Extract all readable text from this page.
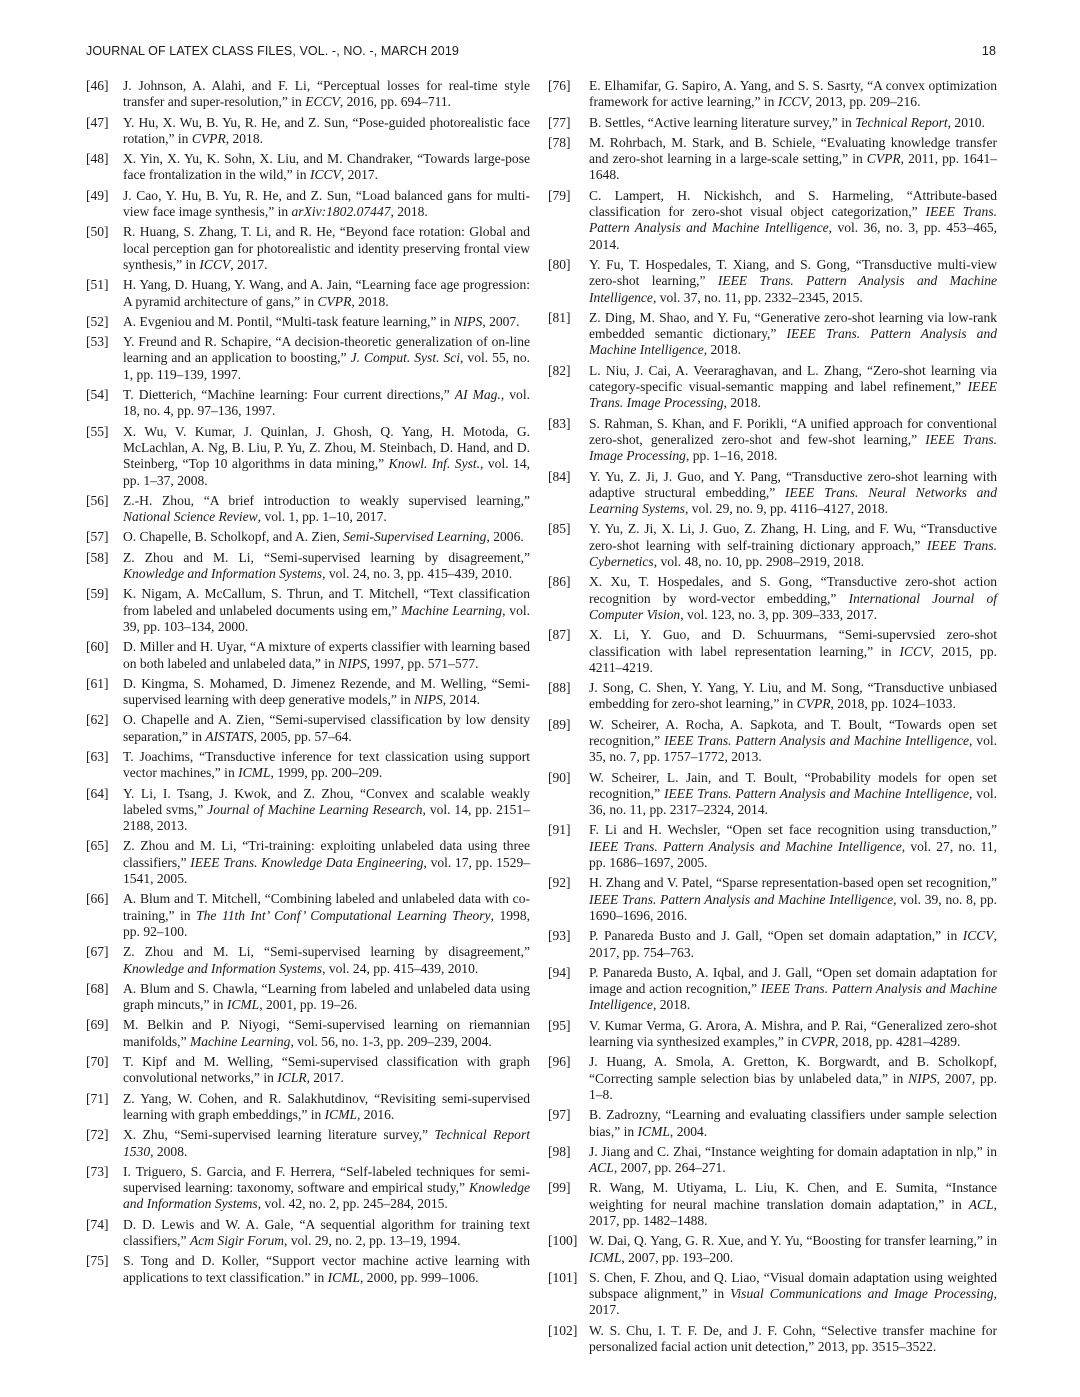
JOURNAL OF LATEX CLASS FILES, VOL. -, NO. -, MARCH 2019	18
[46] J. Johnson, A. Alahi, and F. Li, “Perceptual losses for real-time style transfer and super-resolution,” in ECCV, 2016, pp. 694–711.
[47] Y. Hu, X. Wu, B. Yu, R. He, and Z. Sun, “Pose-guided photorealistic face rotation,” in CVPR, 2018.
[48] X. Yin, X. Yu, K. Sohn, X. Liu, and M. Chandraker, “Towards large-pose face frontalization in the wild,” in ICCV, 2017.
[49] J. Cao, Y. Hu, B. Yu, R. He, and Z. Sun, “Load balanced gans for multi-view face image synthesis,” in arXiv:1802.07447, 2018.
[50] R. Huang, S. Zhang, T. Li, and R. He, “Beyond face rotation: Global and local perception gan for photorealistic and identity preserving frontal view synthesis,” in ICCV, 2017.
[51] H. Yang, D. Huang, Y. Wang, and A. Jain, “Learning face age progression: A pyramid architecture of gans,” in CVPR, 2018.
[52] A. Evgeniou and M. Pontil, “Multi-task feature learning,” in NIPS, 2007.
[53] Y. Freund and R. Schapire, “A decision-theoretic generalization of on-line learning and an application to boosting,” J. Comput. Syst. Sci, vol. 55, no. 1, pp. 119–139, 1997.
[54] T. Dietterich, “Machine learning: Four current directions,” AI Mag., vol. 18, no. 4, pp. 97–136, 1997.
[55] X. Wu, V. Kumar, J. Quinlan, J. Ghosh, Q. Yang, H. Motoda, G. McLachlan, A. Ng, B. Liu, P. Yu, Z. Zhou, M. Steinbach, D. Hand, and D. Steinberg, “Top 10 algorithms in data mining,” Knowl. Inf. Syst., vol. 14, pp. 1–37, 2008.
[56] Z.-H. Zhou, “A brief introduction to weakly supervised learning,” National Science Review, vol. 1, pp. 1–10, 2017.
[57] O. Chapelle, B. Scholkopf, and A. Zien, Semi-Supervised Learning, 2006.
[58] Z. Zhou and M. Li, “Semi-supervised learning by disagreement,” Knowledge and Information Systems, vol. 24, no. 3, pp. 415–439, 2010.
[59] K. Nigam, A. McCallum, S. Thrun, and T. Mitchell, “Text classification from labeled and unlabeled documents using em,” Machine Learning, vol. 39, pp. 103–134, 2000.
[60] D. Miller and H. Uyar, “A mixture of experts classifier with learning based on both labeled and unlabeled data,” in NIPS, 1997, pp. 571–577.
[61] D. Kingma, S. Mohamed, D. Jimenez Rezende, and M. Welling, “Semi-supervised learning with deep generative models,” in NIPS, 2014.
[62] O. Chapelle and A. Zien, “Semi-supervised classification by low density separation,” in AISTATS, 2005, pp. 57–64.
[63] T. Joachims, “Transductive inference for text classication using support vector machines,” in ICML, 1999, pp. 200–209.
[64] Y. Li, I. Tsang, J. Kwok, and Z. Zhou, “Convex and scalable weakly labeled svms,” Journal of Machine Learning Research, vol. 14, pp. 2151–2188, 2013.
[65] Z. Zhou and M. Li, “Tri-training: exploiting unlabeled data using three classifiers,” IEEE Trans. Knowledge Data Engineering, vol. 17, pp. 1529–1541, 2005.
[66] A. Blum and T. Mitchell, “Combining labeled and unlabeled data with co-training,” in The 11th Int’ Conf’ Computational Learning Theory, 1998, pp. 92–100.
[67] Z. Zhou and M. Li, “Semi-supervised learning by disagreement,” Knowledge and Information Systems, vol. 24, pp. 415–439, 2010.
[68] A. Blum and S. Chawla, “Learning from labeled and unlabeled data using graph mincuts,” in ICML, 2001, pp. 19–26.
[69] M. Belkin and P. Niyogi, “Semi-supervised learning on riemannian manifolds,” Machine Learning, vol. 56, no. 1-3, pp. 209–239, 2004.
[70] T. Kipf and M. Welling, “Semi-supervised classification with graph convolutional networks,” in ICLR, 2017.
[71] Z. Yang, W. Cohen, and R. Salakhutdinov, “Revisiting semi-supervised learning with graph embeddings,” in ICML, 2016.
[72] X. Zhu, “Semi-supervised learning literature survey,” Technical Report 1530, 2008.
[73] I. Triguero, S. Garcia, and F. Herrera, “Self-labeled techniques for semi-supervised learning: taxonomy, software and empirical study,” Knowledge and Information Systems, vol. 42, no. 2, pp. 245–284, 2015.
[74] D. D. Lewis and W. A. Gale, “A sequential algorithm for training text classifiers,” Acm Sigir Forum, vol. 29, no. 2, pp. 13–19, 1994.
[75] S. Tong and D. Koller, “Support vector machine active learning with applications to text classification.” in ICML, 2000, pp. 999–1006.
[76] E. Elhamifar, G. Sapiro, A. Yang, and S. S. Sasrty, “A convex optimization framework for active learning,” in ICCV, 2013, pp. 209–216.
[77] B. Settles, “Active learning literature survey,” in Technical Report, 2010.
[78] M. Rohrbach, M. Stark, and B. Schiele, “Evaluating knowledge transfer and zero-shot learning in a large-scale setting,” in CVPR, 2011, pp. 1641–1648.
[79] C. Lampert, H. Nickishch, and S. Harmeling, “Attribute-based classification for zero-shot visual object categorization,” IEEE Trans. Pattern Analysis and Machine Intelligence, vol. 36, no. 3, pp. 453–465, 2014.
[80] Y. Fu, T. Hospedales, T. Xiang, and S. Gong, “Transductive multi-view zero-shot learning,” IEEE Trans. Pattern Analysis and Machine Intelligence, vol. 37, no. 11, pp. 2332–2345, 2015.
[81] Z. Ding, M. Shao, and Y. Fu, “Generative zero-shot learning via low-rank embedded semantic dictionary,” IEEE Trans. Pattern Analysis and Machine Intelligence, 2018.
[82] L. Niu, J. Cai, A. Veeraraghavan, and L. Zhang, “Zero-shot learning via category-specific visual-semantic mapping and label refinement,” IEEE Trans. Image Processing, 2018.
[83] S. Rahman, S. Khan, and F. Porikli, “A unified approach for conventional zero-shot, generalized zero-shot and few-shot learning,” IEEE Trans. Image Processing, pp. 1–16, 2018.
[84] Y. Yu, Z. Ji, J. Guo, and Y. Pang, “Transductive zero-shot learning with adaptive structural embedding,” IEEE Trans. Neural Networks and Learning Systems, vol. 29, no. 9, pp. 4116–4127, 2018.
[85] Y. Yu, Z. Ji, X. Li, J. Guo, Z. Zhang, H. Ling, and F. Wu, “Transductive zero-shot learning with self-training dictionary approach,” IEEE Trans. Cybernetics, vol. 48, no. 10, pp. 2908–2919, 2018.
[86] X. Xu, T. Hospedales, and S. Gong, “Transductive zero-shot action recognition by word-vector embedding,” International Journal of Computer Vision, vol. 123, no. 3, pp. 309–333, 2017.
[87] X. Li, Y. Guo, and D. Schuurmans, “Semi-supervsied zero-shot classification with label representation learning,” in ICCV, 2015, pp. 4211–4219.
[88] J. Song, C. Shen, Y. Yang, Y. Liu, and M. Song, “Transductive unbiased embedding for zero-shot learning,” in CVPR, 2018, pp. 1024–1033.
[89] W. Scheirer, A. Rocha, A. Sapkota, and T. Boult, “Towards open set recognition,” IEEE Trans. Pattern Analysis and Machine Intelligence, vol. 35, no. 7, pp. 1757–1772, 2013.
[90] W. Scheirer, L. Jain, and T. Boult, “Probability models for open set recognition,” IEEE Trans. Pattern Analysis and Machine Intelligence, vol. 36, no. 11, pp. 2317–2324, 2014.
[91] F. Li and H. Wechsler, “Open set face recognition using transduction,” IEEE Trans. Pattern Analysis and Machine Intelligence, vol. 27, no. 11, pp. 1686–1697, 2005.
[92] H. Zhang and V. Patel, “Sparse representation-based open set recognition,” IEEE Trans. Pattern Analysis and Machine Intelligence, vol. 39, no. 8, pp. 1690–1696, 2016.
[93] P. Panareda Busto and J. Gall, “Open set domain adaptation,” in ICCV, 2017, pp. 754–763.
[94] P. Panareda Busto, A. Iqbal, and J. Gall, “Open set domain adaptation for image and action recognition,” IEEE Trans. Pattern Analysis and Machine Intelligence, 2018.
[95] V. Kumar Verma, G. Arora, A. Mishra, and P. Rai, “Generalized zero-shot learning via synthesized examples,” in CVPR, 2018, pp. 4281–4289.
[96] J. Huang, A. Smola, A. Gretton, K. Borgwardt, and B. Scholkopf, “Correcting sample selection bias by unlabeled data,” in NIPS, 2007, pp. 1–8.
[97] B. Zadrozny, “Learning and evaluating classifiers under sample selection bias,” in ICML, 2004.
[98] J. Jiang and C. Zhai, “Instance weighting for domain adaptation in nlp,” in ACL, 2007, pp. 264–271.
[99] R. Wang, M. Utiyama, L. Liu, K. Chen, and E. Sumita, “Instance weighting for neural machine translation domain adaptation,” in ACL, 2017, pp. 1482–1488.
[100] W. Dai, Q. Yang, G. R. Xue, and Y. Yu, “Boosting for transfer learning,” in ICML, 2007, pp. 193–200.
[101] S. Chen, F. Zhou, and Q. Liao, “Visual domain adaptation using weighted subspace alignment,” in Visual Communications and Image Processing, 2017.
[102] W. S. Chu, I. T. F. De, and J. F. Cohn, “Selective transfer machine for personalized facial action unit detection,” 2013, pp. 3515–3522.
